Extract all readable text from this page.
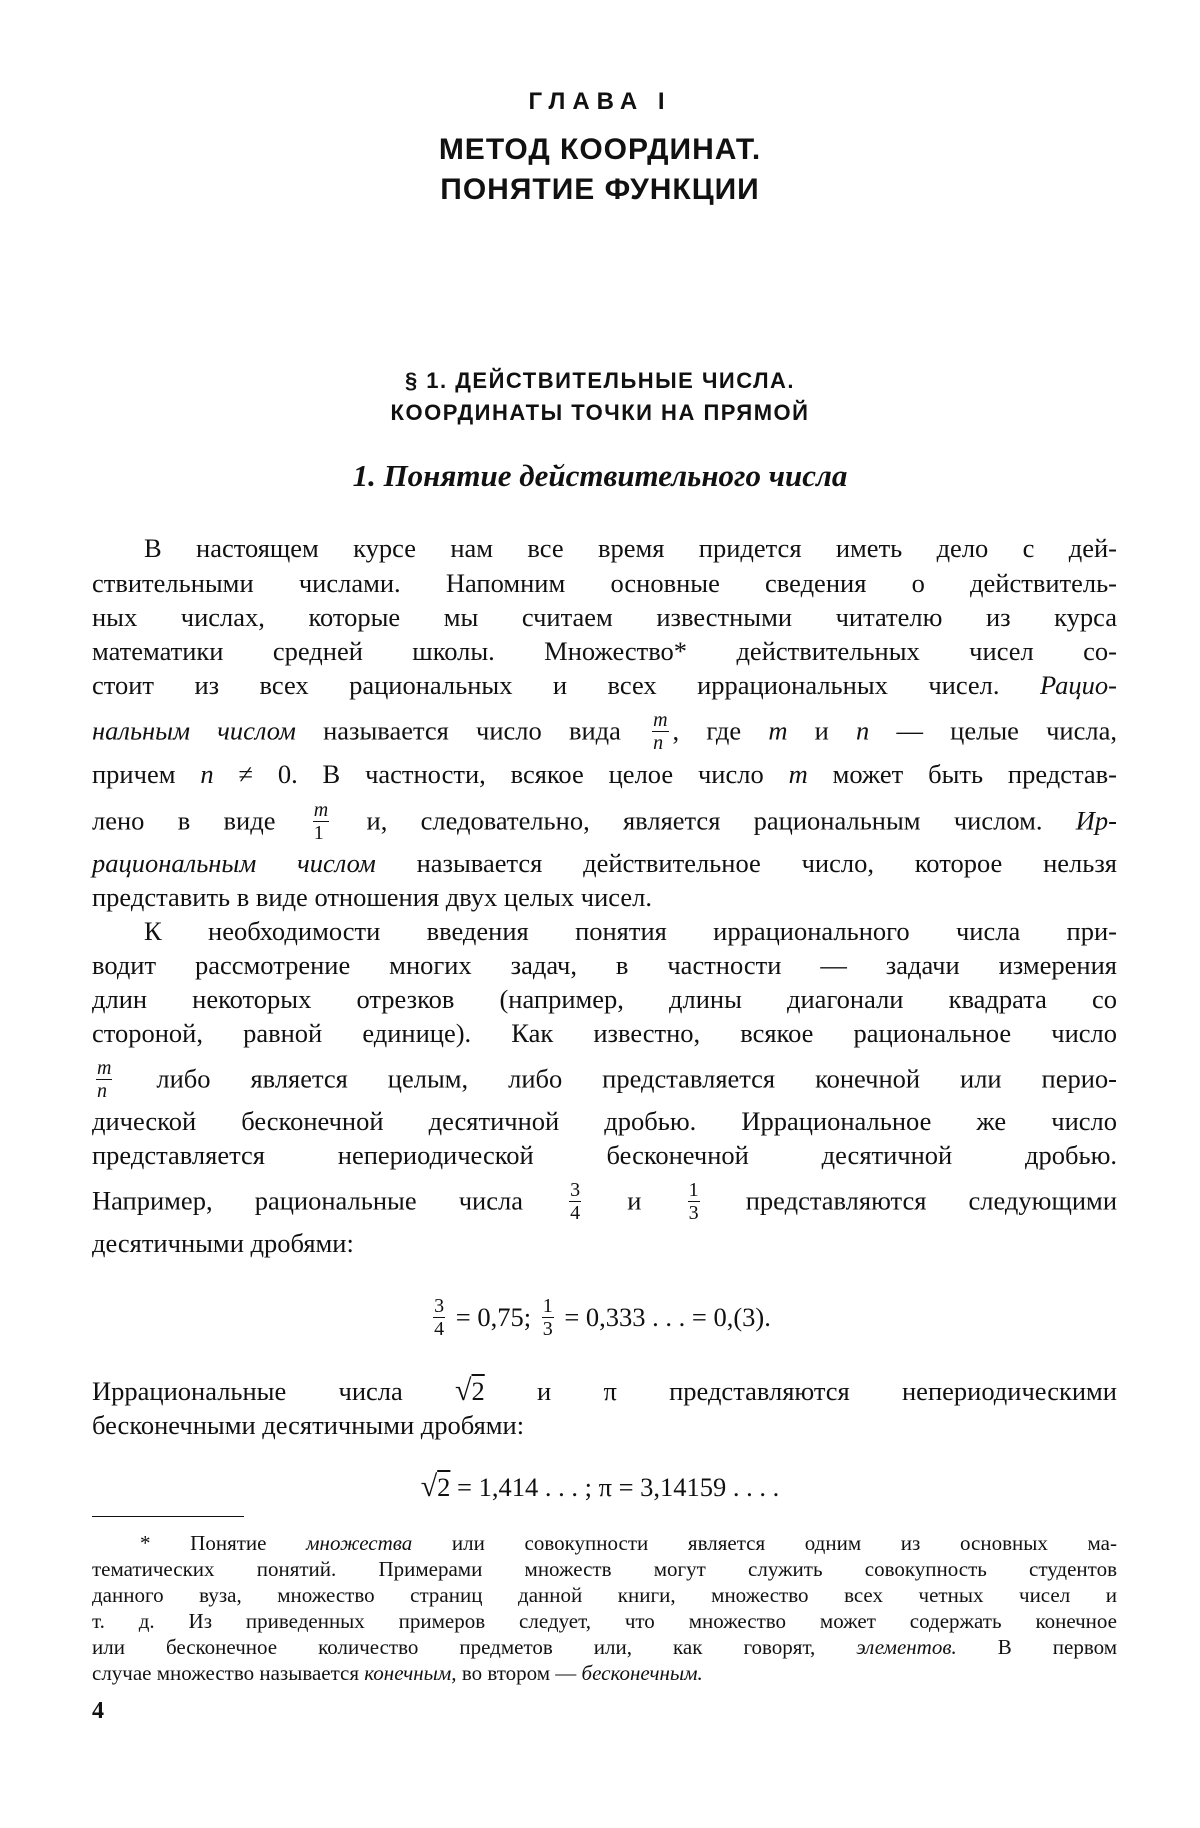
ГЛАВА I
МЕТОД КООРДИНАТ.
ПОНЯТИЕ ФУНКЦИИ
§ 1. ДЕЙСТВИТЕЛЬНЫЕ ЧИСЛА.
КООРДИНАТЫ ТОЧКИ НА ПРЯМОЙ
1. Понятие действительного числа
В настоящем курсе нам все время придется иметь дело с дей-
ствительными числами. Напомним основные сведения о действитель-
ных числах, которые мы считаем известными читателю из курса
математики средней школы. Множество* действительных чисел со-
стоит из всех рациональных и всех иррациональных чисел. Рацио-
нальным числом называется число вида $\frac{m}{n}$ , где m и n — целые числа,
причем n ≠ 0. В частности, всякое целое число m может быть представ-
лено в виде $\frac{m}{1} и$, следовательно, является рациональным числом. Ир-
рациональным числом называется действительное число, которое нельзя
представить в виде отношения двух целых чисел.
К необходимости введения понятия иррационального числа при-
водит рассмотрение многих задач, в частности — задачи измерения
длин некоторых отрезков (например, длины диагонали квадрата со
стороной, равной единице). Как известно, всякое рациональное число
$\frac{m}{n}$ либо является целым, либо представляется конечной или перио-
дической бесконечной десятичной дробью. Иррациональное же число
представляется непериодической бесконечной десятичной дробью.
Например, рациональные числа $\frac{3}{4}$ и $\frac{1}{3}$ представляются следующими
десятичными дробями:
$\frac{3}{4} = 0,75$; $\frac{1}{3} = 0,333$ . . . = 0,(3).
Иррациональные числа √2 и π представляются непериодическими
бесконечными десятичными дробями:
√2 = 1,414 . . . ; π = 3,14159 . . . .
* Понятие множества или совокупности является одним из основных ма-
тематических понятий. Примерами множеств могут служить совокупность студентов
данного вуза, множество страниц данной книги, множество всех четных чисел и
т. д. Из приведенных примеров следует, что множество может содержать конечное
или бесконечное количество предметов или, как говорят, элементов. В первом
случае множество называется конечным, во втором — бесконечным.
4
